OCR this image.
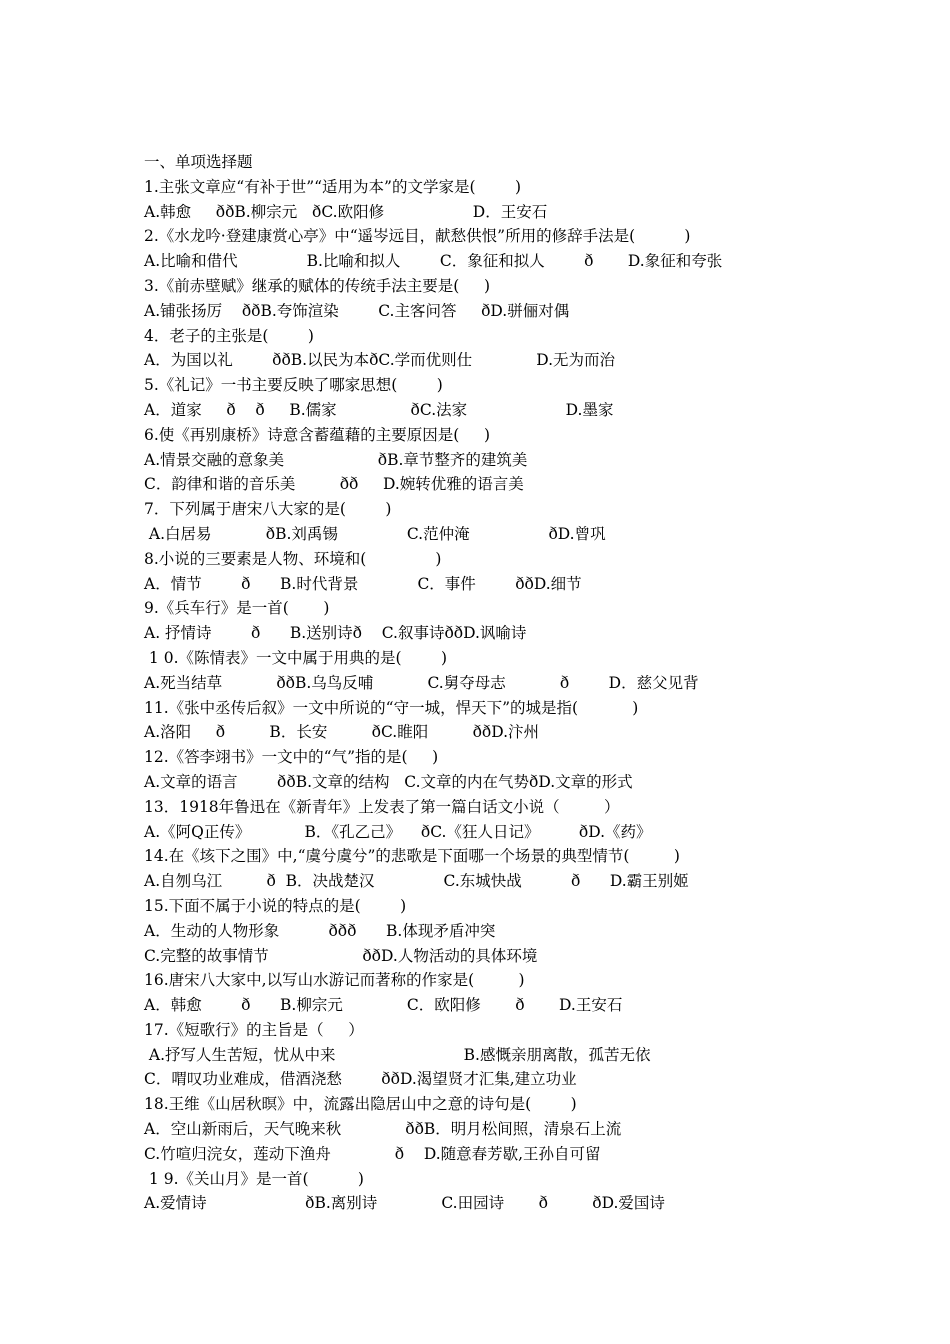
一、单项选择题
1.主张文章应“有补于世”“适用为本”的文学家是(        )
A.韩愈     ððB.柳宗元   ðC.欧阳修                  D．王安石
2.《水龙吟·登建康赏心亭》中“遥岑远目，献愁供恨”所用的修辞手法是(          )
A.比喻和借代              B.比喻和拟人        C．象征和拟人        ð       D.象征和夸张
3.《前赤壁赋》继承的赋体的传统手法主要是(     )
A.铺张扬厉    ððB.夸饰渲染        C.主客问答     ðD.骈俪对偶
4．老子的主张是(        )
A．为国以礼        ððB.以民为本ðC.学而优则仕             D.无为而治
5.《礼记》一书主要反映了哪家思想(        )
A．道家     ð    ð     B.儒家               ðC.法家                    D.墨家
6.使《再别康桥》诗意含蓄蕴藉的主要原因是(     )
A.情景交融的意象美                   ðB.章节整齐的建筑美
C．韵律和谐的音乐美         ðð     D.婉转优雅的语言美
7．下列属于唐宋八大家的是(        )
A.白居易           ðB.刘禹锡              C.范仲淹                ðD.曾巩
8.小说的三要素是人物、环境和(              )
A．情节        ð      B.时代背景            C．事件        ððD.细节
9.《兵车行》是一首(       )
A. 抒情诗        ð      B.送别诗ð    C.叙事诗ððD.讽喻诗
1 0.《陈情表》一文中属于用典的是(        )
A.死当结草           ððB.乌鸟反哺           C.舅夺母志           ð        D．慈父见背
11.《张中丞传后叙》一文中所说的“守一城，悍天下”的城是指(           )
A.洛阳     ð         B．长安         ðC.睢阳         ððD.汴州
12.《答李翊书》一文中的“气”指的是(     )
A.文章的语言        ððB.文章的结构   C.文章的内在气势ðD.文章的形式
13．1918年鲁迅在《新青年》上发表了第一篇白话文小说（         ）
A.《阿Q正传》           B．《孔乙己》    ðC.《狂人日记》        ðD.《药》
14.在《垓下之围》中,“虞兮虞兮”的悲歌是下面哪一个场景的典型情节(         )
A.自刎乌江         ð  B．决战楚汉              C.东城快战          ð      D.霸王别姬
15.下面不属于小说的特点的是(        )
A．生动的人物形象          ððð      B.体现矛盾冲突
C.完整的故事情节                   ððD.人物活动的具体环境
16.唐宋八大家中,以写山水游记而著称的作家是(         )
A．韩愈        ð      B.柳宗元             C．欧阳修       ð       D.王安石
17.《短歌行》的主旨是（     ）
A.抒写人生苦短，忧从中来                          B.感慨亲朋离散，孤苦无依
C．喟叹功业难成，借酒浇愁        ððD.渴望贤才汇集,建立功业
18.王维《山居秋暝》中，流露出隐居山中之意的诗句是(        )
A．空山新雨后，天气晚来秋             ððB．明月松间照，清泉石上流
C.竹喧归浣女，莲动下渔舟             ð    D.随意春芳歇,王孙自可留
1 9.《关山月》是一首(          )
A.爱情诗                    ðB.离别诗             C.田园诗       ð         ðD.爱国诗
